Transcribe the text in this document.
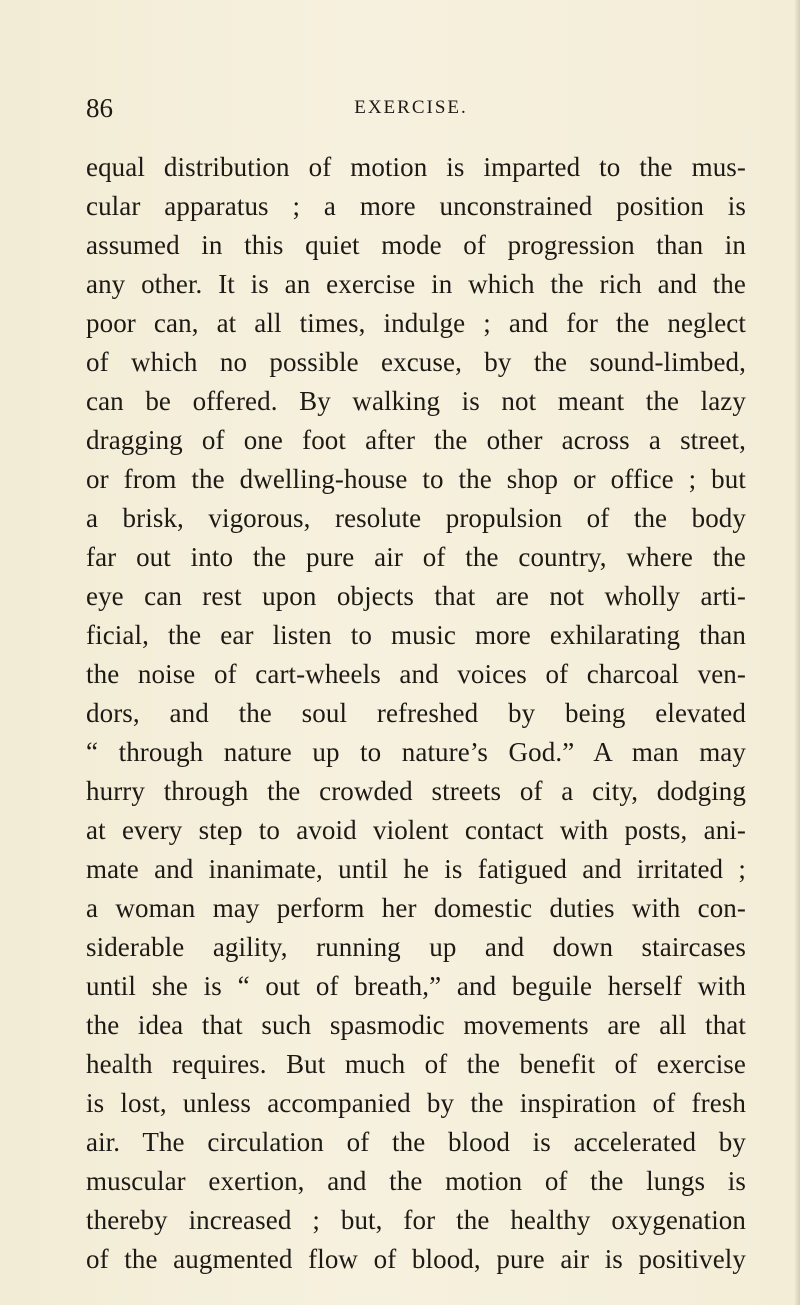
86	EXERCISE.
equal distribution of motion is imparted to the mus-
cular apparatus ; a more unconstrained position is
assumed in this quiet mode of progression than in
any other. It is an exercise in which the rich and the
poor can, at all times, indulge ; and for the neglect
of which no possible excuse, by the sound-limbed,
can be offered. By walking is not meant the lazy
dragging of one foot after the other across a street,
or from the dwelling-house to the shop or office ; but
a brisk, vigorous, resolute propulsion of the body
far out into the pure air of the country, where the
eye can rest upon objects that are not wholly arti-
ficial, the ear listen to music more exhilarating than
the noise of cart-wheels and voices of charcoal ven-
dors, and the soul refreshed by being elevated
“ through nature up to nature’s God.” A man may
hurry through the crowded streets of a city, dodging
at every step to avoid violent contact with posts, ani-
mate and inanimate, until he is fatigued and irritated ;
a woman may perform her domestic duties with con-
siderable agility, running up and down staircases
until she is “ out of breath,” and beguile herself with
the idea that such spasmodic movements are all that
health requires. But much of the benefit of exercise
is lost, unless accompanied by the inspiration of fresh
air. The circulation of the blood is accelerated by
muscular exertion, and the motion of the lungs is
thereby increased ; but, for the healthy oxygenation
of the augmented flow of blood, pure air is positively
